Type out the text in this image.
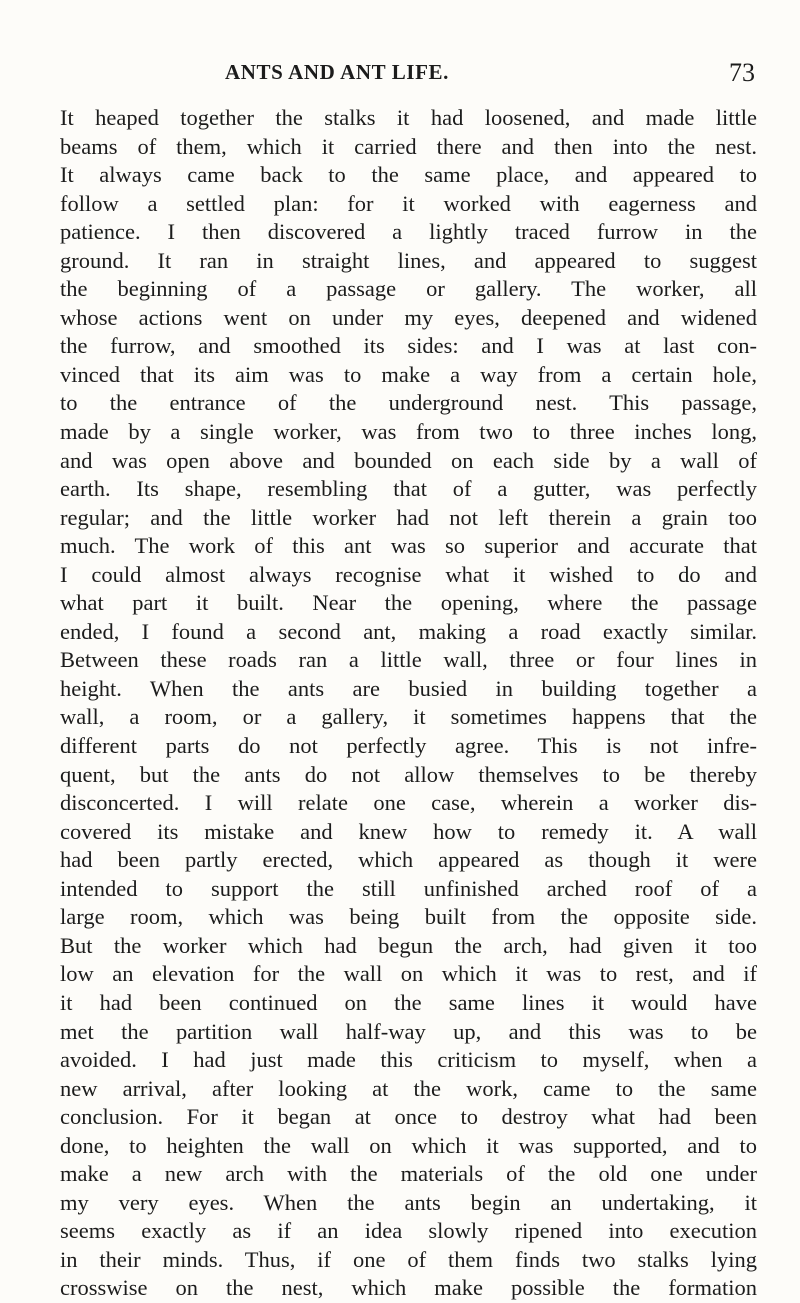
ANTS AND ANT LIFE.	73
It heaped together the stalks it had loosened, and made little
beams of them, which it carried there and then into the nest.
It always came back to the same place, and appeared to
follow a settled plan: for it worked with eagerness and
patience. I then discovered a lightly traced furrow in the
ground. It ran in straight lines, and appeared to suggest
the beginning of a passage or gallery. The worker, all
whose actions went on under my eyes, deepened and widened
the furrow, and smoothed its sides: and I was at last con-
vinced that its aim was to make a way from a certain hole,
to the entrance of the underground nest. This passage,
made by a single worker, was from two to three inches long,
and was open above and bounded on each side by a wall of
earth. Its shape, resembling that of a gutter, was perfectly
regular; and the little worker had not left therein a grain too
much. The work of this ant was so superior and accurate that
I could almost always recognise what it wished to do and
what part it built. Near the opening, where the passage
ended, I found a second ant, making a road exactly similar.
Between these roads ran a little wall, three or four lines in
height. When the ants are busied in building together a
wall, a room, or a gallery, it sometimes happens that the
different parts do not perfectly agree. This is not infre-
quent, but the ants do not allow themselves to be thereby
disconcerted. I will relate one case, wherein a worker dis-
covered its mistake and knew how to remedy it. A wall
had been partly erected, which appeared as though it were
intended to support the still unfinished arched roof of a
large room, which was being built from the opposite side.
But the worker which had begun the arch, had given it too
low an elevation for the wall on which it was to rest, and if
it had been continued on the same lines it would have
met the partition wall half-way up, and this was to be
avoided. I had just made this criticism to myself, when a
new arrival, after looking at the work, came to the same
conclusion. For it began at once to destroy what had been
done, to heighten the wall on which it was supported, and to
make a new arch with the materials of the old one under
my very eyes. When the ants begin an undertaking, it
seems exactly as if an idea slowly ripened into execution
in their minds. Thus, if one of them finds two stalks lying
crosswise on the nest, which make possible the formation
